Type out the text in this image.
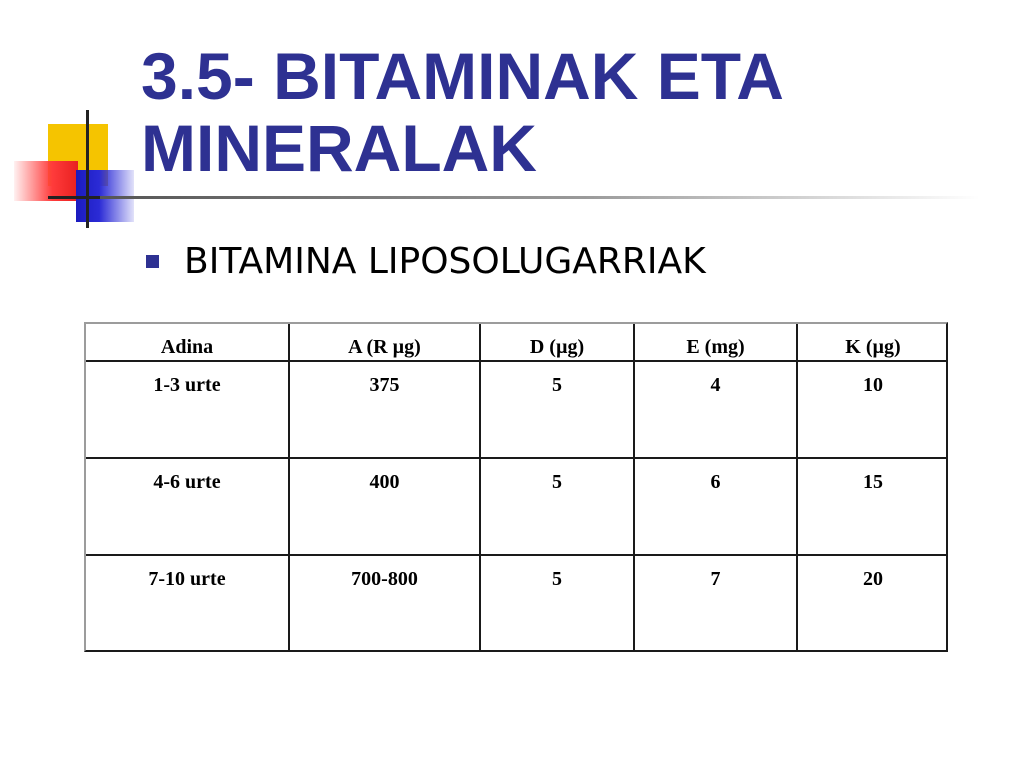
3.5- BITAMINAK ETA
MINERALAK
BITAMINA LIPOSOLUGARRIAK
Adina	A (R µg)	D (µg)	E (mg)	K (µg)
1-3 urte	375	5	4	10
4-6 urte	400	5	6	15
7-10 urte	700-800	5	7	20
